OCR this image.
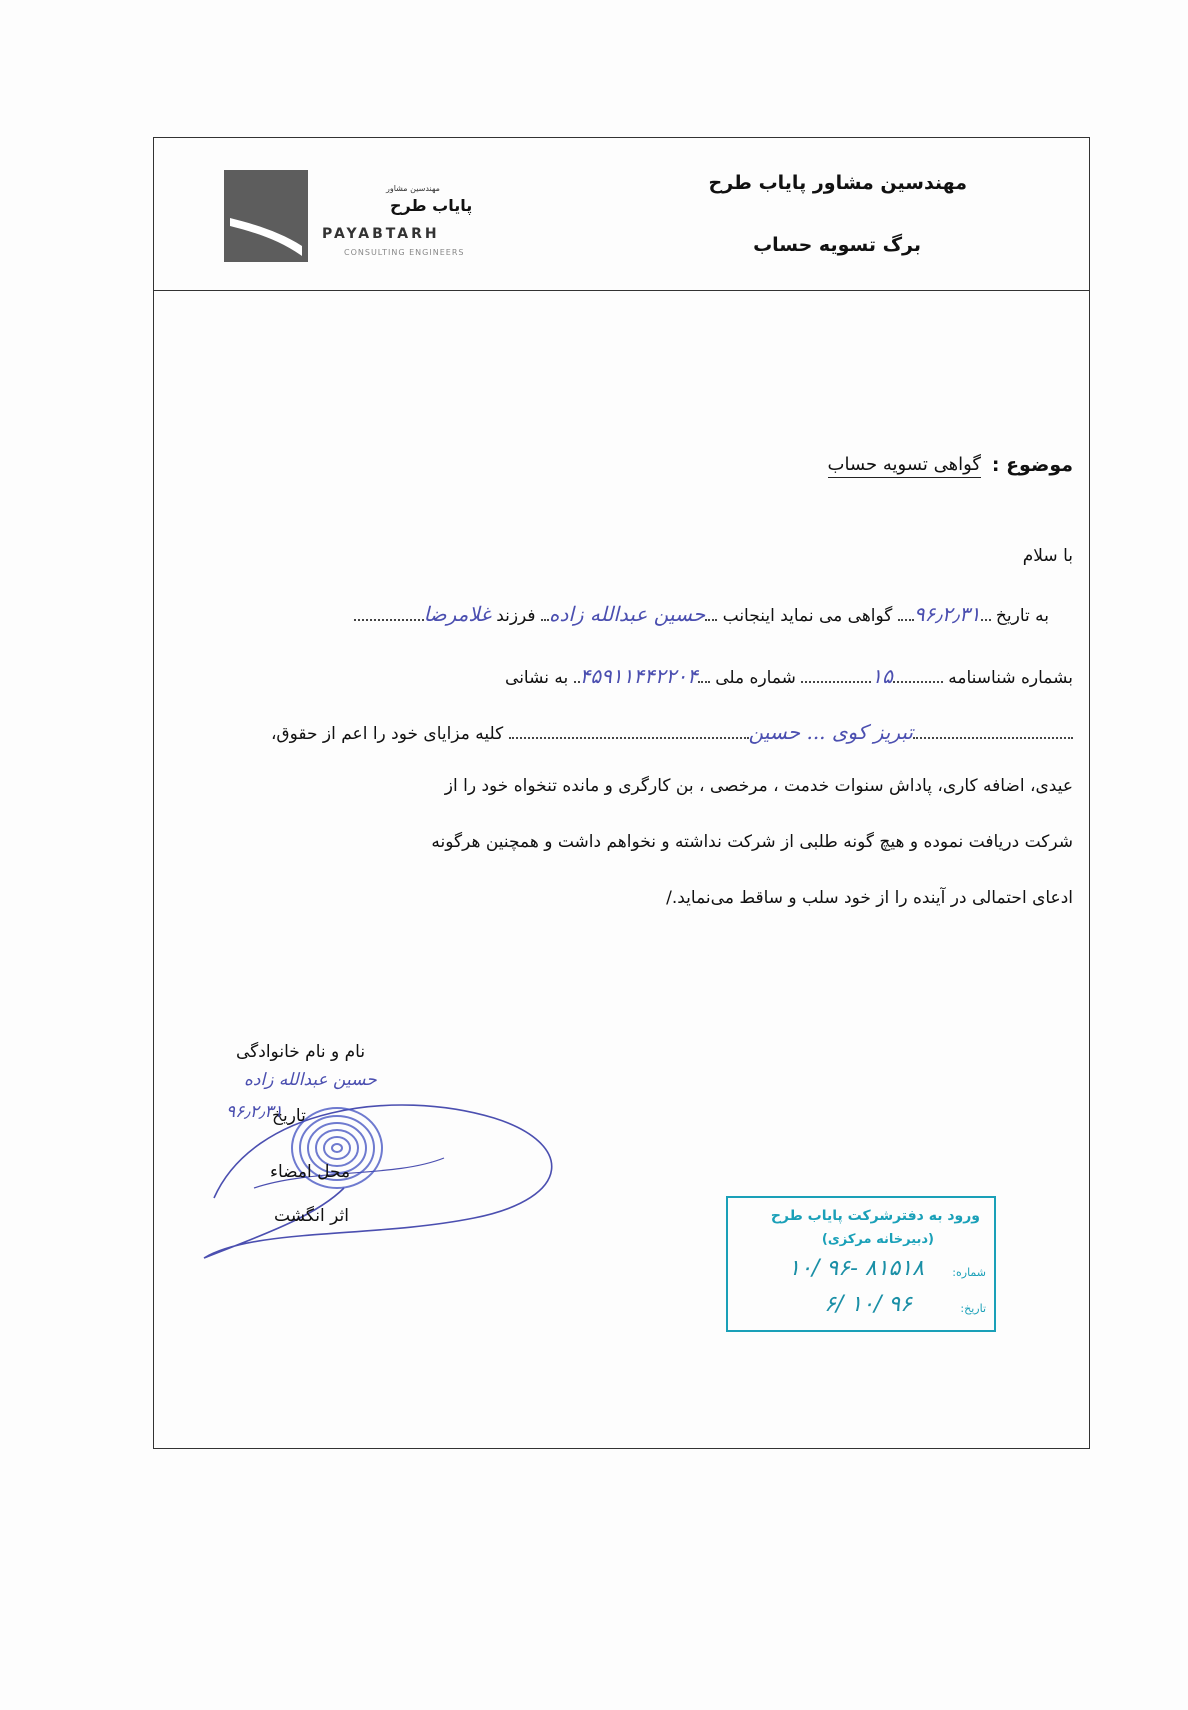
مهندسین مشاور پایاب طرح
برگ تسویه حساب
مهندسین مشاور
پایاب طرح
PAYABTARH
CONSULTING ENGINEERS
موضوع :
گواهی تسویه حساب
با سلام
به تاریخ ۹۶٫۲٫۳۱ گواهی می نماید اینجانب حسین عبدالله زاده فرزند غلامرضا
بشماره شناسنامه ۱۵ شماره ملی ۴۵۹۱۱۴۴۲۲۰۴ به نشانی
تبریز کوی ... حسین کلیه مزایای خود را اعم از حقوق،
عیدی، اضافه کاری، پاداش سنوات خدمت ، مرخصی ، بن کارگری و مانده تنخواه خود را از
شرکت دریافت نموده و هیچ گونه طلبی از شرکت نداشته و نخواهم داشت و همچنین هرگونه
ادعای احتمالی در آینده را از خود سلب و ساقط می‌نماید./
نام و نام خانوادگی
حسین عبدالله زاده
تاریخ
۹۶٫۲٫۳۱
محل امضاء
اثر انگشت	ورود به دفترشرکت پایاب طرح
(دبیرخانه مرکزی)
شماره:
۸۱۵۱۸ -۹۶ /۱۰
تاریخ:
۹۶ /۱۰ /۶
